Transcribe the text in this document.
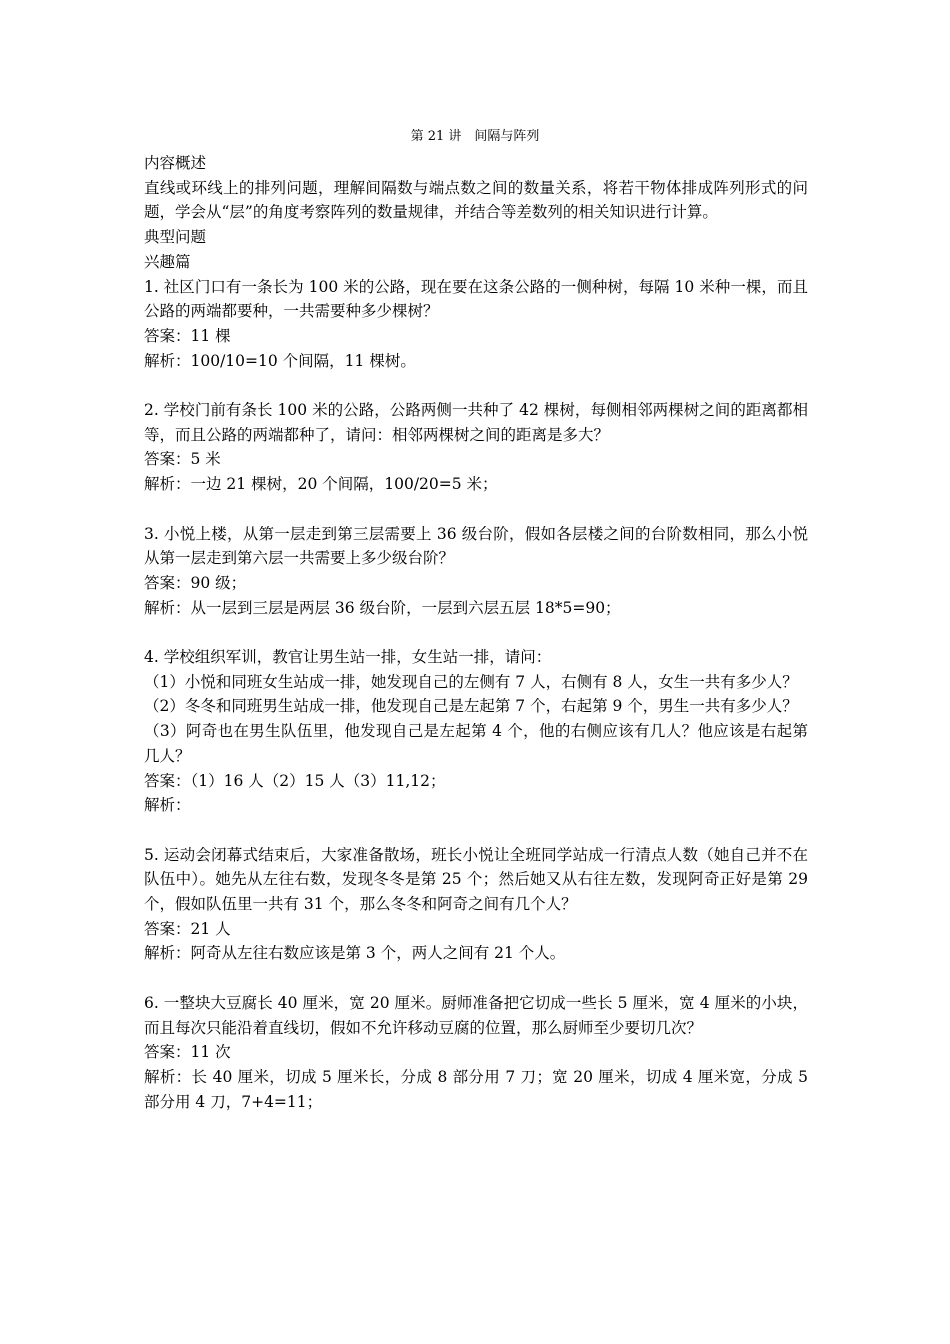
第 21 讲　间隔与阵列

内容概述

直线或环线上的排列问题，理解间隔数与端点数之间的数量关系，将若干物体排成阵列形式的问题，学会从“层”的角度考察阵列的数量规律，并结合等差数列的相关知识进行计算。

典型问题

兴趣篇

1. 社区门口有一条长为 100 米的公路，现在要在这条公路的一侧种树，每隔 10 米种一棵，而且公路的两端都要种，一共需要种多少棵树？

答案：11 棵

解析：100/10=10 个间隔，11 棵树。

2. 学校门前有条长 100 米的公路，公路两侧一共种了 42 棵树，每侧相邻两棵树之间的距离都相等，而且公路的两端都种了，请问：相邻两棵树之间的距离是多大？

答案：5 米

解析：一边 21 棵树，20 个间隔，100/20=5 米；

3. 小悦上楼，从第一层走到第三层需要上 36 级台阶，假如各层楼之间的台阶数相同，那么小悦从第一层走到第六层一共需要上多少级台阶？

答案：90 级；

解析：从一层到三层是两层 36 级台阶，一层到六层五层 18*5=90；

4. 学校组织军训，教官让男生站一排，女生站一排，请问：

（1）小悦和同班女生站成一排，她发现自己的左侧有 7 人，右侧有 8 人，女生一共有多少人？

（2）冬冬和同班男生站成一排，他发现自己是左起第 7 个，右起第 9 个，男生一共有多少人？

（3）阿奇也在男生队伍里，他发现自己是左起第 4 个，他的右侧应该有几人？他应该是右起第几人？

答案：（1）16 人（2）15 人（3）11,12；

解析：

5. 运动会闭幕式结束后，大家准备散场，班长小悦让全班同学站成一行清点人数（她自己并不在队伍中）。她先从左往右数，发现冬冬是第 25 个；然后她又从右往左数，发现阿奇正好是第 29 个，假如队伍里一共有 31 个，那么冬冬和阿奇之间有几个人？

答案：21 人

解析：阿奇从左往右数应该是第 3 个，两人之间有 21 个人。

6. 一整块大豆腐长 40 厘米，宽 20 厘米。厨师准备把它切成一些长 5 厘米，宽 4 厘米的小块，而且每次只能沿着直线切，假如不允许移动豆腐的位置，那么厨师至少要切几次？

答案：11 次

解析：长 40 厘米，切成 5 厘米长，分成 8 部分用 7 刀；宽 20 厘米，切成 4 厘米宽，分成 5 部分用 4 刀，7+4=11；
